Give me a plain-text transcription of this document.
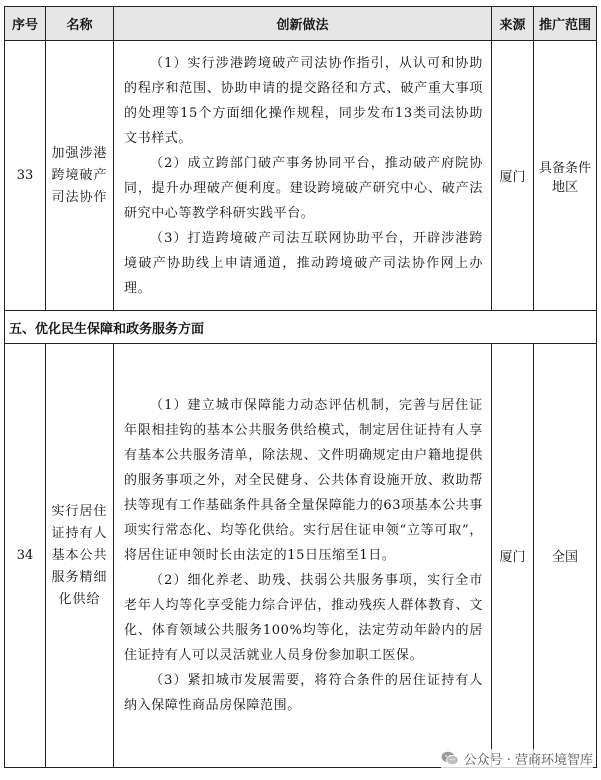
序号	名称	创新做法	来源	推广范围
33	加强涉港跨境破产司法协作	（1）实行涉港跨境破产司法协作指引，从认可和协助的程序和范围、协助申请的提交路径和方式、破产重大事项的处理等15个方面细化操作规程，同步发布13类司法协助文书样式。
（2）成立跨部门破产事务协同平台，推动破产府院协同，提升办理破产便利度。建设跨境破产研究中心、破产法研究中心等教学科研实践平台。
（3）打造跨境破产司法互联网协助平台，开辟涉港跨境破产协助线上申请通道，推动跨境破产司法协作网上办理。	厦门	具备条件地区
五、优化民生保障和政务服务方面				
34	实行居住证持有人基本公共服务精细化供给	（1）建立城市保障能力动态评估机制，完善与居住证年限相挂钩的基本公共服务供给模式，制定居住证持有人享有基本公共服务清单，除法规、文件明确规定由户籍地提供的服务事项之外，对全民健身、公共体育设施开放、救助帮扶等现有工作基础条件具备全量保障能力的63项基本公共事项实行常态化、均等化供给。实行居住证申领“立等可取”，将居住证申领时长由法定的15日压缩至1日。
（2）细化养老、助残、扶弱公共服务事项，实行全市老年人均等化享受能力综合评估，推动残疾人群体教育、文化、体育领域公共服务100%均等化，法定劳动年龄内的居住证持有人可以灵活就业人员身份参加职工医保。
（3）紧扣城市发展需要，将符合条件的居住证持有人纳入保障性商品房保障范围。	厦门	全国
公众号 · 营商环境智库
